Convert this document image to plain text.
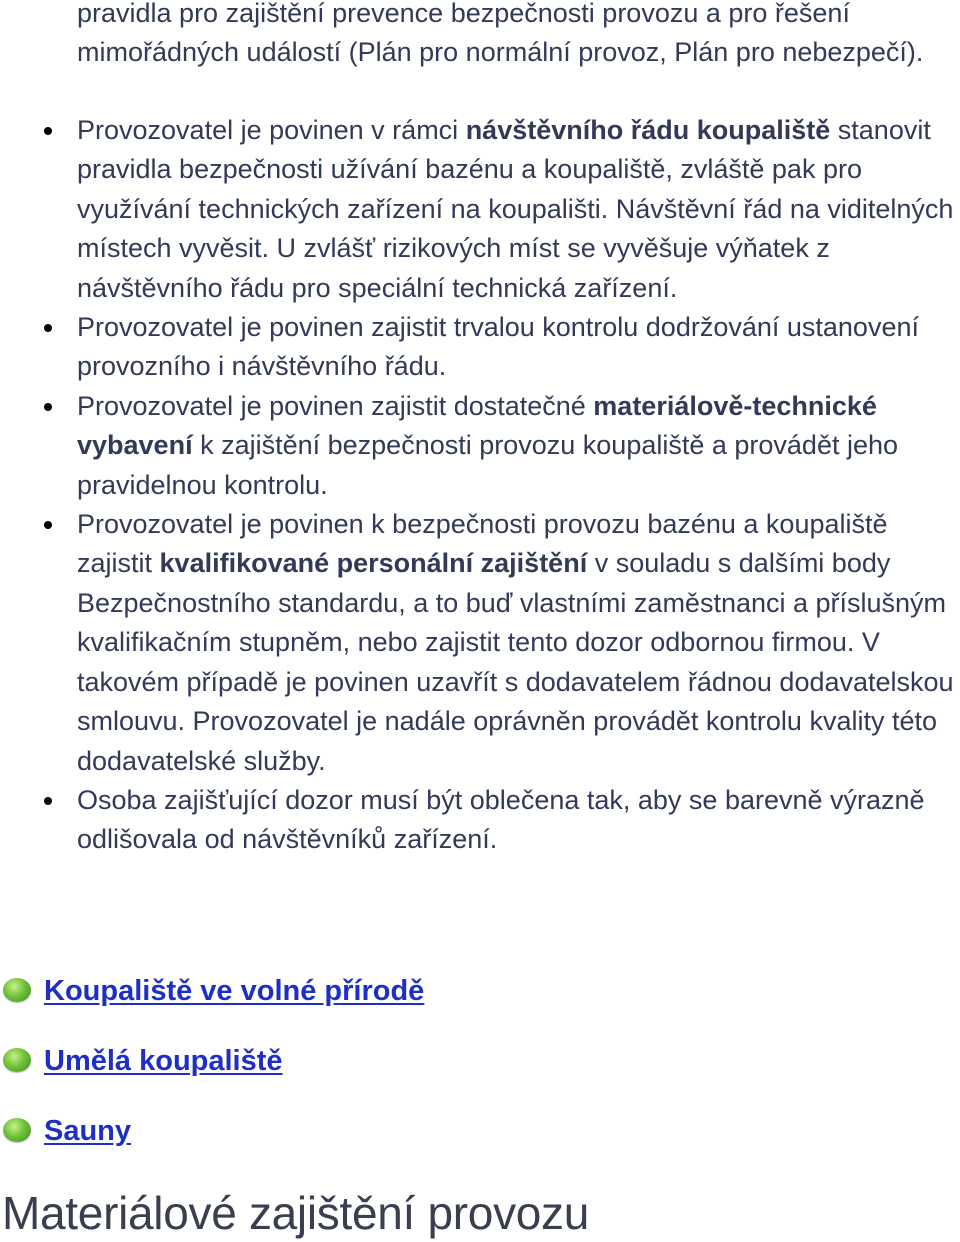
pravidla pro zajištění prevence bezpečnosti provozu a pro řešení mimořádných událostí (Plán pro normální provoz, Plán pro nebezpečí).

Provozovatel je povinen v rámci návštěvního řádu koupaliště stanovit pravidla bezpečnosti užívání bazénu a koupaliště, zvláště pak pro využívání technických zařízení na koupališti. Návštěvní řád na viditelných místech vyvěsit. U zvlášť rizikových míst se vyvěšuje výňatek z návštěvního řádu pro speciální technická zařízení.
Provozovatel je povinen zajistit trvalou kontrolu dodržování ustanovení provozního i návštěvního řádu.
Provozovatel je povinen zajistit dostatečné materiálově-technické vybavení k zajištění bezpečnosti provozu koupaliště a provádět jeho pravidelnou kontrolu.
Provozovatel je povinen k bezpečnosti provozu bazénu a koupaliště zajistit kvalifikované personální zajištění v souladu s dalšími body Bezpečnostního standardu, a to buď vlastními zaměstnanci a příslušným kvalifikačním stupněm, nebo zajistit tento dozor odbornou firmou. V takovém případě je povinen uzavřít s dodavatelem řádnou dodavatelskou smlouvu. Provozovatel je nadále oprávněn provádět kontrolu kvality této dodavatelské služby.
Osoba zajišťující dozor musí být oblečena tak, aby se barevně výrazně odlišovala od návštěvníků zařízení.
Koupaliště ve volné přírodě
Umělá koupaliště
Sauny
Materiálové zajištění provozu
